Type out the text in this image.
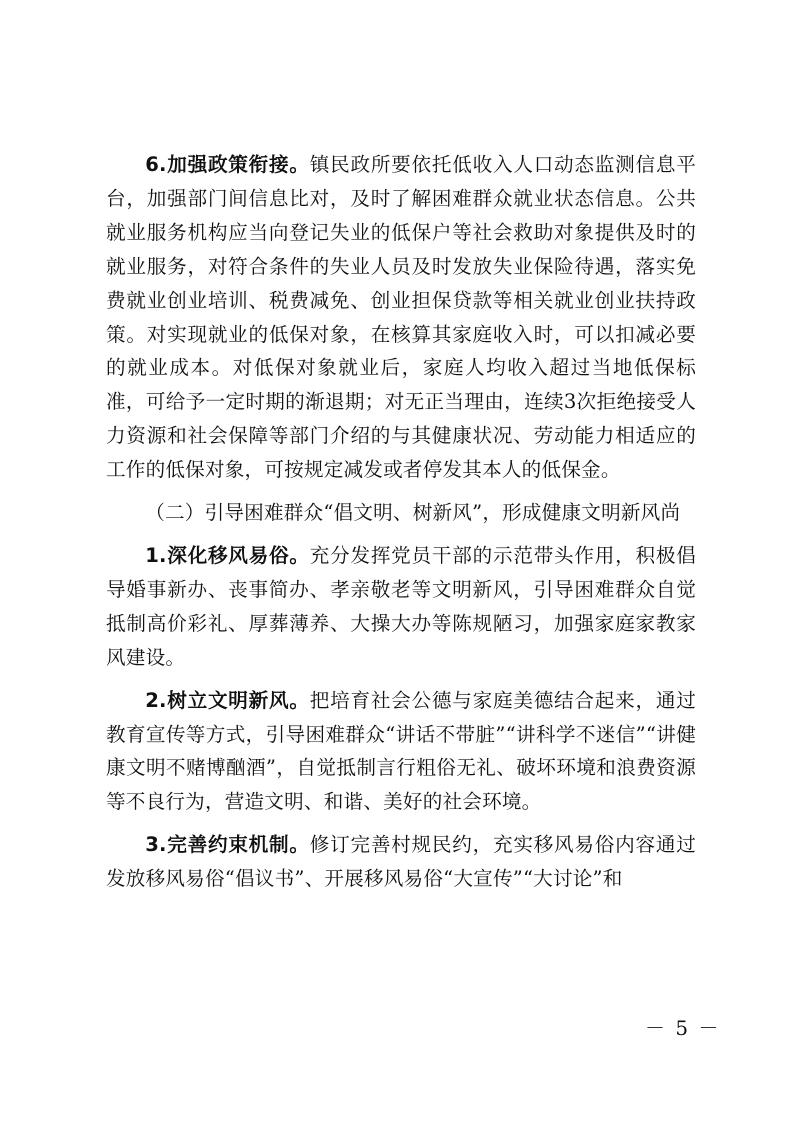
6.加强政策衔接。镇民政所要依托低收入人口动态监测信息平台，加强部门间信息比对，及时了解困难群众就业状态信息。公共就业服务机构应当向登记失业的低保户等社会救助对象提供及时的就业服务，对符合条件的失业人员及时发放失业保险待遇，落实免费就业创业培训、税费减免、创业担保贷款等相关就业创业扶持政策。对实现就业的低保对象，在核算其家庭收入时，可以扣减必要的就业成本。对低保对象就业后，家庭人均收入超过当地低保标准，可给予一定时期的渐退期；对无正当理由，连续3次拒绝接受人力资源和社会保障等部门介绍的与其健康状况、劳动能力相适应的工作的低保对象，可按规定减发或者停发其本人的低保金。

（二）引导困难群众“倡文明、树新风”，形成健康文明新风尚

1.深化移风易俗。充分发挥党员干部的示范带头作用，积极倡导婚事新办、丧事简办、孝亲敬老等文明新风，引导困难群众自觉抵制高价彩礼、厚葬薄养、大操大办等陈规陋习，加强家庭家教家风建设。

2.树立文明新风。把培育社会公德与家庭美德结合起来，通过教育宣传等方式，引导困难群众“讲话不带脏”“讲科学不迷信”“讲健康文明不赌博酗酒”，自觉抵制言行粗俗无礼、破坏环境和浪费资源等不良行为，营造文明、和谐、美好的社会环境。

3.完善约束机制。修订完善村规民约，充实移风易俗内容通过发放移风易俗“倡议书”、开展移风易俗“大宣传”“大讨论”和

－ 5 －
